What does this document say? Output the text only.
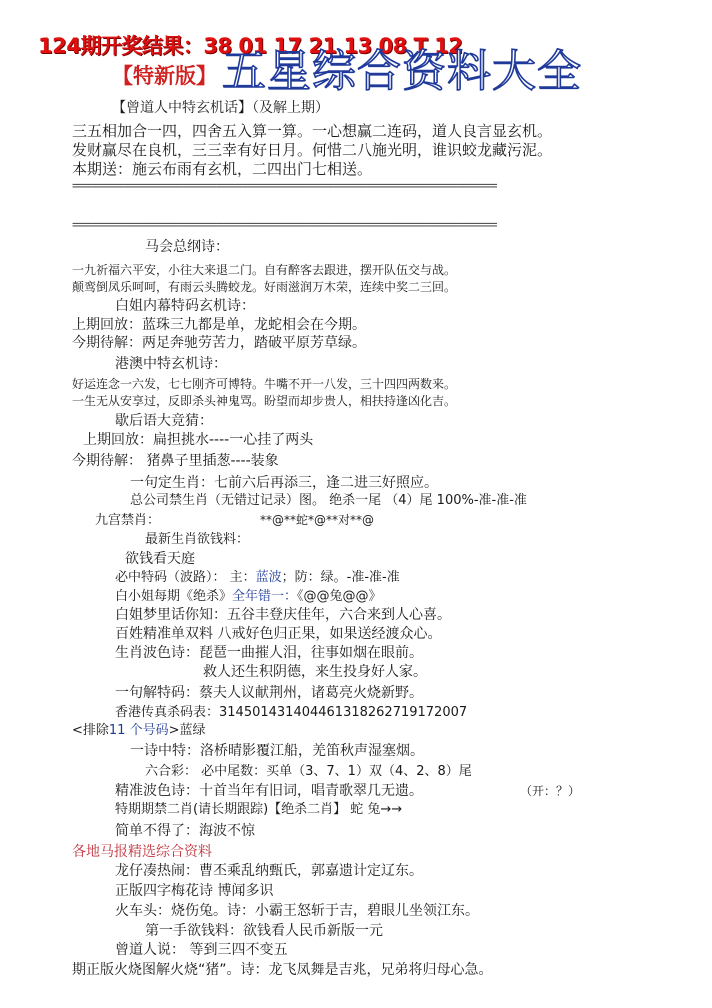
124期开奖结果：38 01 17 21 13 08 T 12
【特新版】 五星综合资料大全
【曾道人中特玄机话】（及解上期）
三五相加合一四，四舍五入算一算。一心想赢二连码，道人良言显玄机。
发财赢尽在良机，三三幸有好日月。何惜二八施光明，谁识蛟龙藏污泥。
本期送：施云布雨有玄机，二四出门七相送。
=================================================================
=================================================================
马会总纲诗：
一九祈福六平安，小往大来退二门。自有醉客去跟进，摆开队伍交与战。
颠鸾倒凤乐呵呵，有雨云头腾蛟龙。好雨滋润万木荣，连续中奖二三回。
白姐内幕特码玄机诗：
上期回放：蓝珠三九都是单，龙蛇相会在今期。
今期待解：两足奔驰劳苦力，踏破平原芳草绿。
港澳中特玄机诗：
好运连念一六发，七七刚齐可博特。牛嘴不开一八发，三十四四两数来。
一生无从安享过，反即杀头神鬼骂。盼望而却步贵人，相扶持逢凶化吉。
歇后语大竞猜：
上期回放：扁担挑水----一心挂了两头
今期待解： 猪鼻子里插葱----装象
一句定生肖：七前六后再添三，逢二进三好照应。
总公司禁生肖（无错过记录）图。 绝杀一尾 （4）尾 100%-准-准-准
九宫禁肖：	**@**蛇*@**对**@
最新生肖欲钱料：
欲钱看天庭
必中特码（波路）： 主：蓝波；防：绿。-准-准-准
白小姐每期《绝杀》全年错一：《@@兔@@》
白姐梦里话你知：五谷丰登庆佳年，六合来到人心喜。
百姓精准单双料 八戒好色归正果，如果送经渡众心。
生肖波色诗：琵琶一曲摧人泪，往事如烟在眼前。
救人还生积阴德，来生投身好人家。
一句解特码：蔡夫人议献荆州，诸葛亮火烧新野。
香港传真杀码表：314501431404461318262719172007
<排除11 个号码>蓝绿
一诗中特：洛桥晴影覆江船，羌笛秋声湿塞烟。
六合彩： 必中尾数：买单（3、7、1）双（4、2、8）尾
精准波色诗：十首当年有旧词，唱青歌翠几无遗。	（开：？）
特期期禁二肖(请长期跟踪)【绝杀二肖】 蛇 兔→→
简单不得了：海波不惊
各地马报精选综合资料
龙仔凑热闹：曹丕乘乱纳甄氏，郭嘉遗计定辽东。
正版四字梅花诗 博闻多识
火车头：烧伤兔。诗：小霸王怒斩于吉，碧眼儿坐领江东。
第一手欲钱料：欲钱看人民币新版一元
曾道人说： 等到三四不变五
期正版火烧图解火烧“猪”。诗：龙飞凤舞是吉兆，兄弟将归母心急。
